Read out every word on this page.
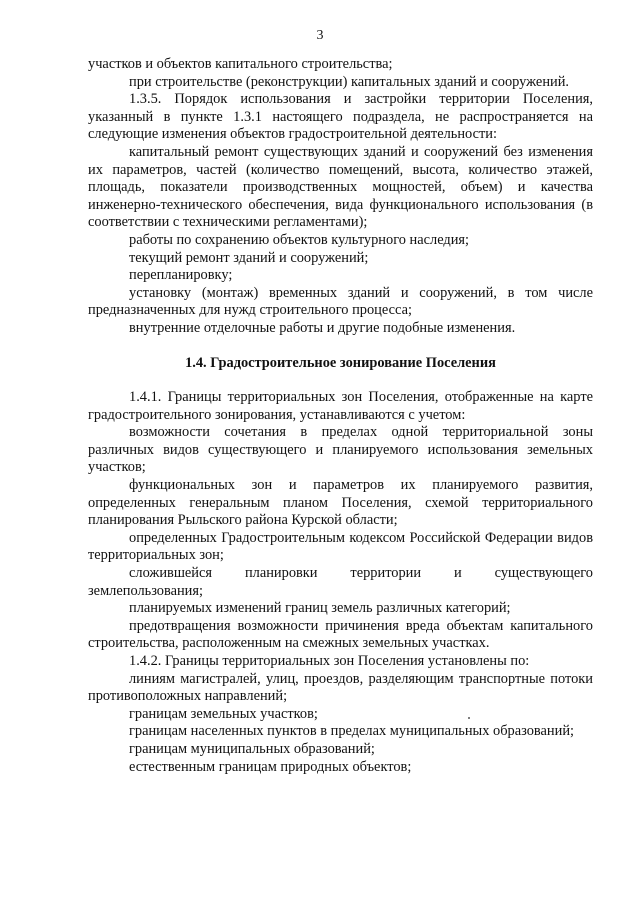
3

участков и объектов капитального строительства;

при строительстве (реконструкции) капитальных зданий и сооружений.

1.3.5. Порядок использования и застройки территории Поселения, указанный в пункте 1.3.1 настоящего подраздела, не распространяется на следующие изменения объектов градостроительной деятельности:

капитальный ремонт существующих зданий и сооружений без изменения их параметров, частей (количество помещений, высота, количество этажей, площадь, показатели производственных мощностей, объем) и качества инженерно-технического обеспечения, вида функционального использования (в соответствии с техническими регламентами);

работы по сохранению объектов культурного наследия;

текущий ремонт зданий и сооружений;

перепланировку;

установку (монтаж) временных зданий и сооружений, в том числе предназначенных для нужд строительного процесса;

внутренние отделочные работы и другие подобные изменения.

1.4. Градостроительное зонирование Поселения

1.4.1. Границы территориальных зон Поселения, отображенные на карте градостроительного зонирования, устанавливаются с учетом:

возможности сочетания в пределах одной территориальной зоны различных видов существующего и планируемого использования земельных участков;

функциональных зон и параметров их планируемого развития, определенных генеральным планом Поселения, схемой территориального планирования Рыльского района Курской области;

определенных Градостроительным кодексом Российской Федерации видов территориальных зон;

сложившейся планировки территории и существующего землепользования;

планируемых изменений границ земель различных категорий;

предотвращения возможности причинения вреда объектам капитального строительства, расположенным на смежных земельных участках.

1.4.2. Границы территориальных зон Поселения установлены по:

линиям магистралей, улиц, проездов, разделяющим транспортные потоки противоположных направлений;

границам земельных участков;

границам населенных пунктов в пределах муниципальных образований;

границам муниципальных образований;

естественным границам природных объектов;
